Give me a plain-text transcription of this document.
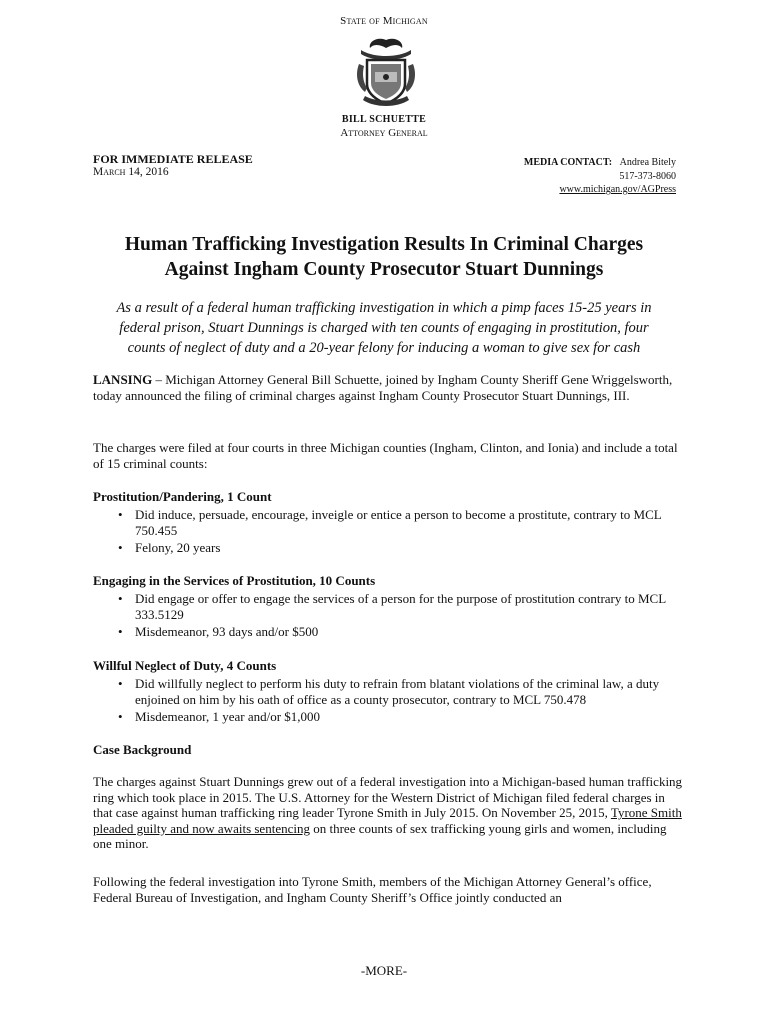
State of Michigan
BILL SCHUETTE
Attorney General
FOR IMMEDIATE RELEASE
March 14, 2016
MEDIA CONTACT: Andrea Bitely
517-373-8060
www.michigan.gov/AGPress
Human Trafficking Investigation Results In Criminal Charges
Against Ingham County Prosecutor Stuart Dunnings
As a result of a federal human trafficking investigation in which a pimp faces 15-25 years in
federal prison, Stuart Dunnings is charged with ten counts of engaging in prostitution, four
counts of neglect of duty and a 20-year felony for inducing a woman to give sex for cash
LANSING – Michigan Attorney General Bill Schuette, joined by Ingham County Sheriff Gene Wriggelsworth, today announced the filing of criminal charges against Ingham County Prosecutor Stuart Dunnings, III.
The charges were filed at four courts in three Michigan counties (Ingham, Clinton, and Ionia) and include a total of 15 criminal counts:
Prostitution/Pandering, 1 Count
• Did induce, persuade, encourage, inveigle or entice a person to become a prostitute, contrary to MCL 750.455
• Felony, 20 years
Engaging in the Services of Prostitution, 10 Counts
• Did engage or offer to engage the services of a person for the purpose of prostitution contrary to MCL 333.5129
• Misdemeanor, 93 days and/or $500
Willful Neglect of Duty, 4 Counts
• Did willfully neglect to perform his duty to refrain from blatant violations of the criminal law, a duty enjoined on him by his oath of office as a county prosecutor, contrary to MCL 750.478
• Misdemeanor, 1 year and/or $1,000
Case Background
The charges against Stuart Dunnings grew out of a federal investigation into a Michigan-based human trafficking ring which took place in 2015. The U.S. Attorney for the Western District of Michigan filed federal charges in that case against human trafficking ring leader Tyrone Smith in July 2015. On November 25, 2015, Tyrone Smith pleaded guilty and now awaits sentencing on three counts of sex trafficking young girls and women, including one minor.
Following the federal investigation into Tyrone Smith, members of the Michigan Attorney General’s office, Federal Bureau of Investigation, and Ingham County Sheriff’s Office jointly conducted an
-MORE-
